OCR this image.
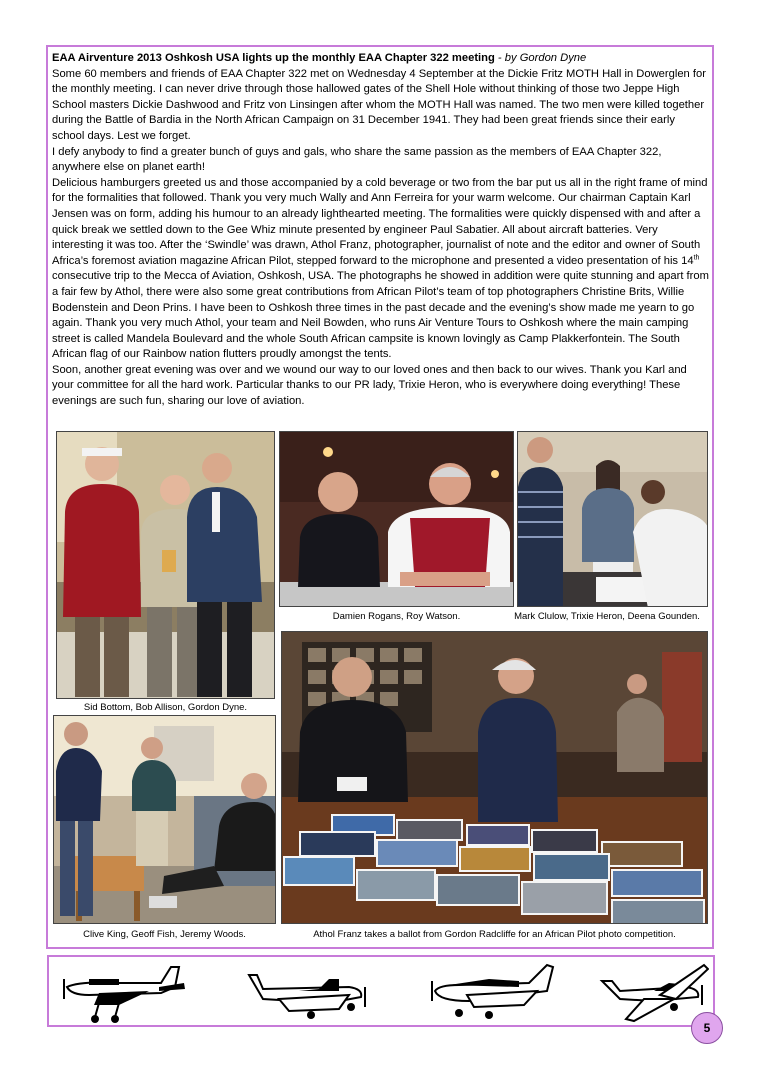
EAA Airventure 2013 Oshkosh USA lights up the monthly EAA Chapter 322 meeting - by Gordon Dyne

Some 60 members and friends of EAA Chapter 322 met on Wednesday 4 September at the Dickie Fritz MOTH Hall in Dowerglen for the monthly meeting. I can never drive through those hallowed gates of the Shell Hole without thinking of those two Jeppe High School masters Dickie Dashwood and Fritz von Linsingen after whom the MOTH Hall was named. The two men were killed together during the Battle of Bardia in the North African Campaign on 31 December 1941. They had been great friends since their early school days. Lest we forget.

I defy anybody to find a greater bunch of guys and gals, who share the same passion as the members of EAA Chapter 322, anywhere else on planet earth!

Delicious hamburgers greeted us and those accompanied by a cold beverage or two from the bar put us all in the right frame of mind for the formalities that followed. Thank you very much Wally and Ann Ferreira for your warm welcome. Our chairman Captain Karl Jensen was on form, adding his humour to an already lighthearted meeting. The formalities were quickly dispensed with and after a quick break we settled down to the Gee Whiz minute presented by engineer Paul Sabatier. All about aircraft batteries. Very interesting it was too. After the ‘Swindle’ was drawn, Athol Franz, photographer, journalist of note and the editor and owner of South Africa’s foremost aviation magazine African Pilot, stepped forward to the microphone and presented a video presentation of his 14th consecutive trip to the Mecca of Aviation, Oshkosh, USA. The photographs he showed in addition were quite stunning and apart from a fair few by Athol, there were also some great contributions from African Pilot’s team of top photographers Christine Brits, Willie Bodenstein and Deon Prins. I have been to Oshkosh three times in the past decade and the evening’s show made me yearn to go again. Thank you very much Athol, your team and Neil Bowden, who runs Air Venture Tours to Oshkosh where the main camping street is called Mandela Boulevard and the whole South African campsite is known lovingly as Camp Plakkerfontein. The South African flag of our Rainbow nation flutters proudly amongst the tents.

Soon, another great evening was over and we wound our way to our loved ones and then back to our wives. Thank you Karl and your committee for all the hard work. Particular thanks to our PR lady, Trixie Heron, who is everywhere doing everything! These evenings are such fun, sharing our love of aviation.

Sid Bottom, Bob Allison, Gordon Dyne.
Damien Rogans, Roy Watson.	Mark Clulow, Trixie Heron, Deena Gounden.
Clive King, Geoff Fish, Jeremy Woods.	Athol Franz takes a ballot from Gordon Radcliffe for an African Pilot photo competition.
5
